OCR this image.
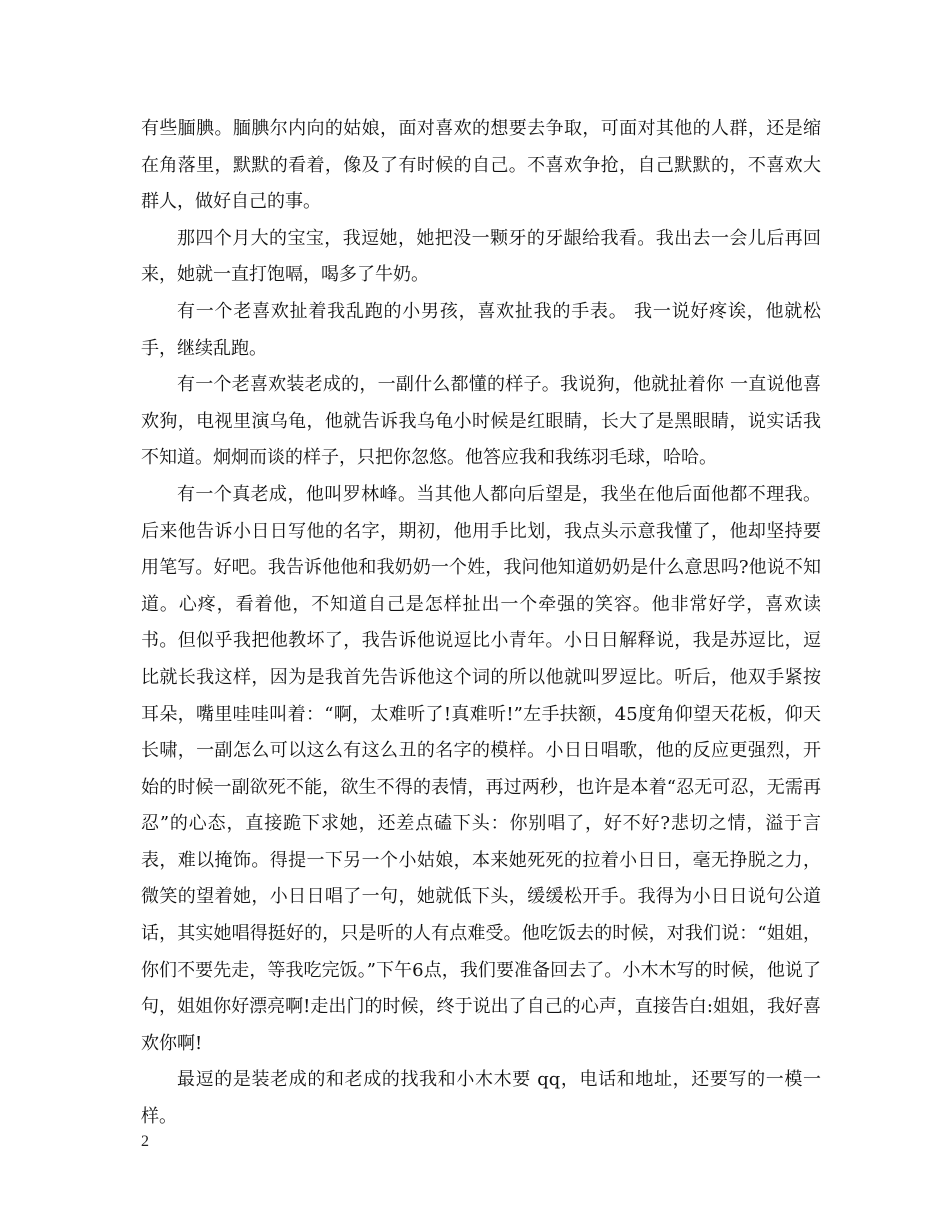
有些腼腆。腼腆尔内向的姑娘，面对喜欢的想要去争取，可面对其他的人群，还是缩在角落里，默默的看着，像及了有时候的自己。不喜欢争抢，自己默默的，不喜欢大群人，做好自己的事。

那四个月大的宝宝，我逗她，她把没一颗牙的牙龈给我看。我出去一会儿后再回来，她就一直打饱嗝，喝多了牛奶。

有一个老喜欢扯着我乱跑的小男孩，喜欢扯我的手表。 我一说好疼诶，他就松手，继续乱跑。

有一个老喜欢装老成的，一副什么都懂的样子。我说狗，他就扯着你 一直说他喜欢狗，电视里演乌龟，他就告诉我乌龟小时候是红眼睛，长大了是黑眼睛，说实话我不知道。炯炯而谈的样子，只把你忽悠。他答应我和我练羽毛球，哈哈。

有一个真老成，他叫罗林峰。当其他人都向后望是，我坐在他后面他都不理我。后来他告诉小日日写他的名字，期初，他用手比划，我点头示意我懂了，他却坚持要用笔写。好吧。我告诉他他和我奶奶一个姓，我问他知道奶奶是什么意思吗?他说不知道。心疼，看着他，不知道自己是怎样扯出一个牵强的笑容。他非常好学，喜欢读书。但似乎我把他教坏了，我告诉他说逗比小青年。小日日解释说，我是苏逗比，逗比就长我这样，因为是我首先告诉他这个词的所以他就叫罗逗比。听后，他双手紧按耳朵，嘴里哇哇叫着：“啊，太难听了!真难听!”左手扶额，45度角仰望天花板，仰天长啸，一副怎么可以这么有这么丑的名字的模样。小日日唱歌，他的反应更强烈，开始的时候一副欲死不能，欲生不得的表情，再过两秒，也许是本着“忍无可忍，无需再忍”的心态，直接跪下求她，还差点磕下头：你别唱了，好不好?悲切之情，溢于言表，难以掩饰。得提一下另一个小姑娘，本来她死死的拉着小日日，毫无挣脱之力，微笑的望着她，小日日唱了一句，她就低下头，缓缓松开手。我得为小日日说句公道话，其实她唱得挺好的，只是听的人有点难受。他吃饭去的时候，对我们说：“姐姐，你们不要先走，等我吃完饭。”下午6点，我们要准备回去了。小木木写的时候，他说了句，姐姐你好漂亮啊!走出门的时候，终于说出了自己的心声，直接告白:姐姐，我好喜欢你啊!

最逗的是装老成的和老成的找我和小木木要 qq，电话和地址，还要写的一模一样。

2
